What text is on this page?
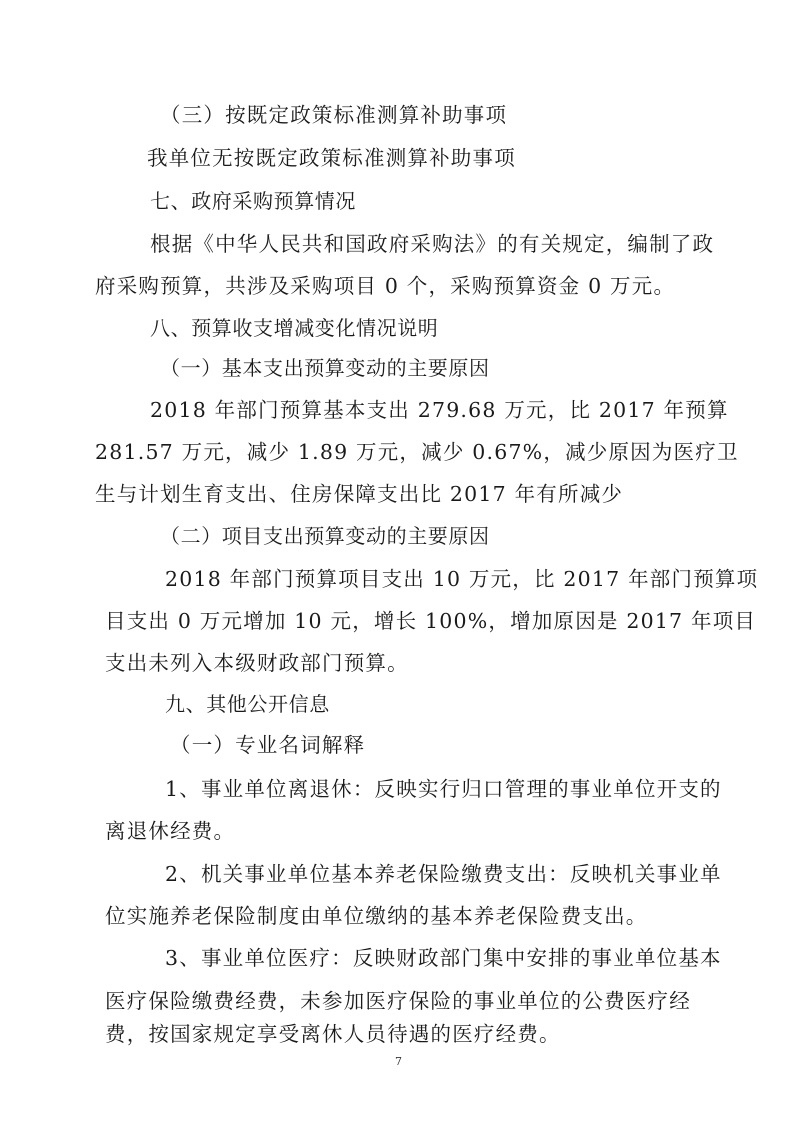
（三）按既定政策标准测算补助事项
我单位无按既定政策标准测算补助事项
七、政府采购预算情况
根据《中华人民共和国政府采购法》的有关规定，编制了政
府采购预算，共涉及采购项目 0 个，采购预算资金 0 万元。
八、预算收支增减变化情况说明
（一）基本支出预算变动的主要原因
2018 年部门预算基本支出 279.68 万元，比 2017 年预算
281.57 万元，减少 1.89 万元，减少 0.67%，减少原因为医疗卫
生与计划生育支出、住房保障支出比 2017 年有所减少
（二）项目支出预算变动的主要原因
2018 年部门预算项目支出 10 万元，比 2017 年部门预算项
目支出 0 万元增加 10 元，增长 100%，增加原因是 2017 年项目
支出未列入本级财政部门预算。
九、其他公开信息
（一）专业名词解释
1、事业单位离退休：反映实行归口管理的事业单位开支的
离退休经费。
2、机关事业单位基本养老保险缴费支出：反映机关事业单
位实施养老保险制度由单位缴纳的基本养老保险费支出。
3、事业单位医疗：反映财政部门集中安排的事业单位基本
医疗保险缴费经费，未参加医疗保险的事业单位的公费医疗经
费，按国家规定享受离休人员待遇的医疗经费。
7
